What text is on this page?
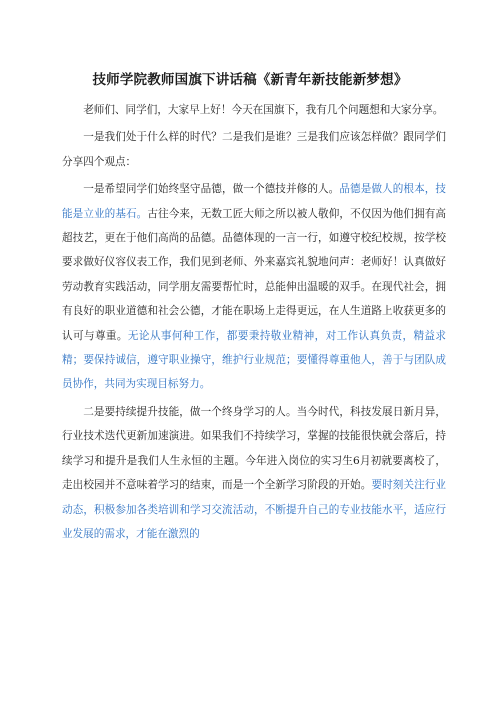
技师学院教师国旗下讲话稿《新青年新技能新梦想》

老师们、同学们，大家早上好！今天在国旗下，我有几个问题想和大家分享。

一是我们处于什么样的时代？二是我们是谁？三是我们应该怎样做？跟同学们分享四个观点：

一是希望同学们始终坚守品德，做一个德技并修的人。品德是做人的根本，技能是立业的基石。古往今来，无数工匠大师之所以被人敬仰，不仅因为他们拥有高超技艺，更在于他们高尚的品德。品德体现的一言一行，如遵守校纪校规，按学校要求做好仪容仪表工作，我们见到老师、外来嘉宾礼貌地问声：老师好！认真做好劳动教育实践活动，同学朋友需要帮忙时，总能伸出温暖的双手。在现代社会，拥有良好的职业道德和社会公德，才能在职场上走得更远，在人生道路上收获更多的认可与尊重。无论从事何种工作，都要秉持敬业精神，对工作认真负责，精益求精；要保持诚信，遵守职业操守，维护行业规范；要懂得尊重他人，善于与团队成员协作，共同为实现目标努力。

二是要持续提升技能，做一个终身学习的人。当今时代，科技发展日新月异，行业技术迭代更新加速演进。如果我们不持续学习，掌握的技能很快就会落后，持续学习和提升是我们人生永恒的主题。今年进入岗位的实习生6月初就要离校了，走出校园并不意味着学习的结束，而是一个全新学习阶段的开始。要时刻关注行业动态，积极参加各类培训和学习交流活动，不断提升自己的专业技能水平，适应行业发展的需求，才能在激烈的
